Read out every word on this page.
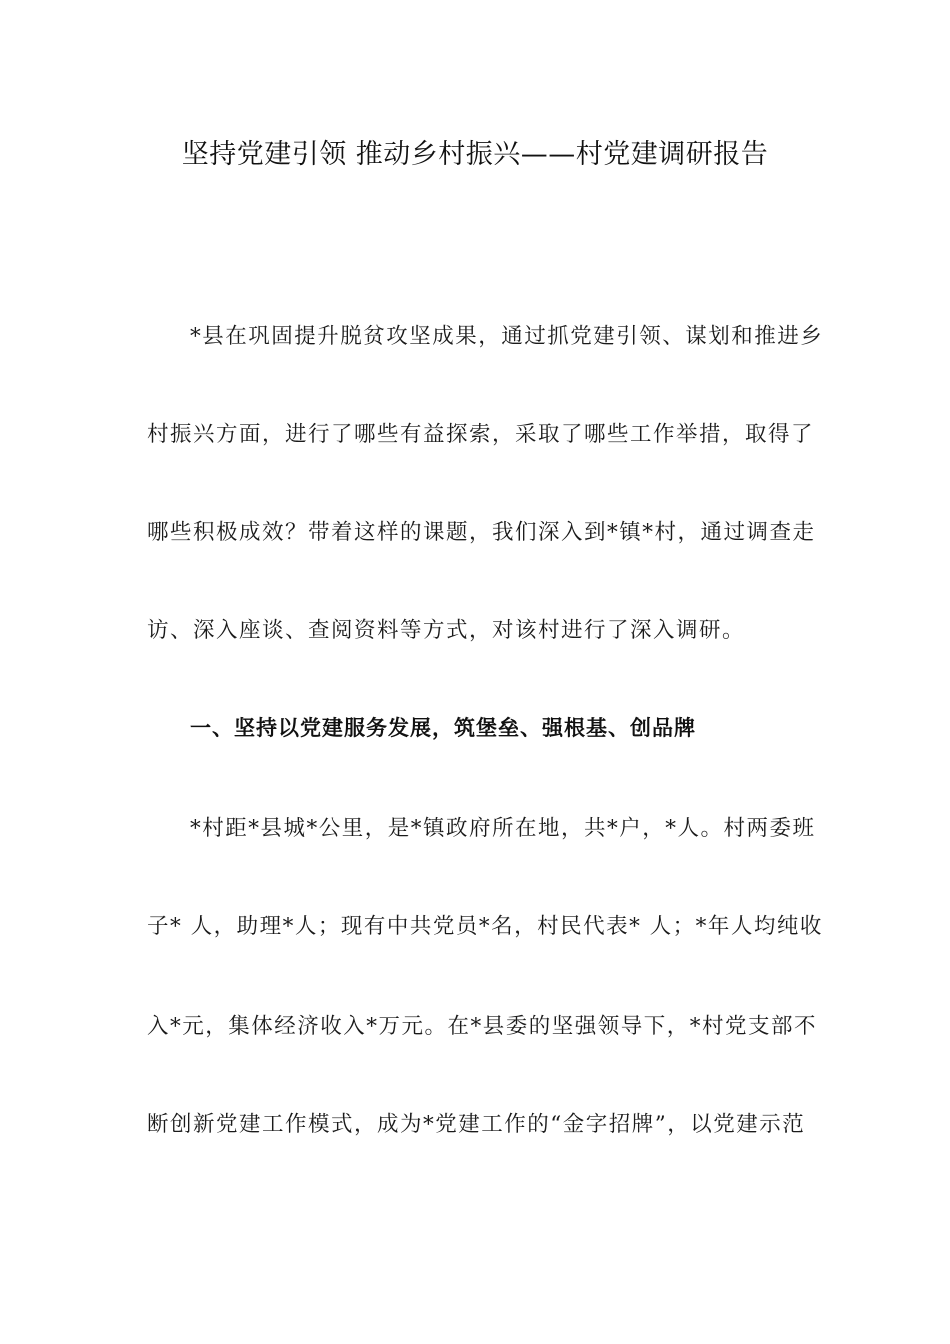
坚持党建引领 推动乡村振兴——村党建调研报告
*县在巩固提升脱贫攻坚成果，通过抓党建引领、谋划和推进乡
村振兴方面，进行了哪些有益探索，采取了哪些工作举措，取得了
哪些积极成效？带着这样的课题，我们深入到*镇*村，通过调查走
访、深入座谈、查阅资料等方式，对该村进行了深入调研。
一、坚持以党建服务发展，筑堡垒、强根基、创品牌
*村距*县城*公里，是*镇政府所在地，共*户，*人。村两委班
子* 人，助理*人；现有中共党员*名，村民代表* 人；*年人均纯收
入*元，集体经济收入*万元。在*县委的坚强领导下，*村党支部不
断创新党建工作模式，成为*党建工作的“金字招牌”，以党建示范
